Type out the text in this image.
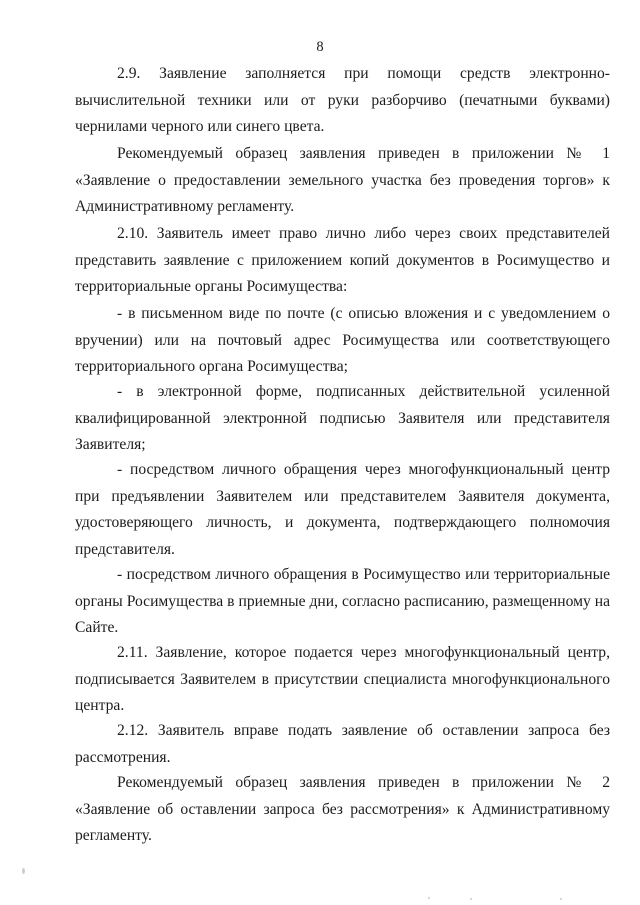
8

2.9. Заявление заполняется при помощи средств электронно-вычислительной техники или от руки разборчиво (печатными буквами) чернилами черного или синего цвета.

Рекомендуемый образец заявления приведен в приложении № 1 «Заявление о предоставлении земельного участка без проведения торгов» к Административному регламенту.

2.10. Заявитель имеет право лично либо через своих представителей представить заявление с приложением копий документов в Росимущество и территориальные органы Росимущества:

- в письменном виде по почте (с описью вложения и с уведомлением о вручении) или на почтовый адрес Росимущества или соответствующего территориального органа Росимущества;

- в электронной форме, подписанных действительной усиленной квалифицированной электронной подписью Заявителя или представителя Заявителя;

- посредством личного обращения через многофункциональный центр при предъявлении Заявителем или представителем Заявителя документа, удостоверяющего личность, и документа, подтверждающего полномочия представителя.

- посредством личного обращения в Росимущество или территориальные органы Росимущества в приемные дни, согласно расписанию, размещенному на Сайте.

2.11. Заявление, которое подается через многофункциональный центр, подписывается Заявителем в присутствии специалиста многофункционального центра.

2.12. Заявитель вправе подать заявление об оставлении запроса без рассмотрения.

Рекомендуемый образец заявления приведен в приложении № 2 «Заявление об оставлении запроса без рассмотрения» к Административному регламенту.
